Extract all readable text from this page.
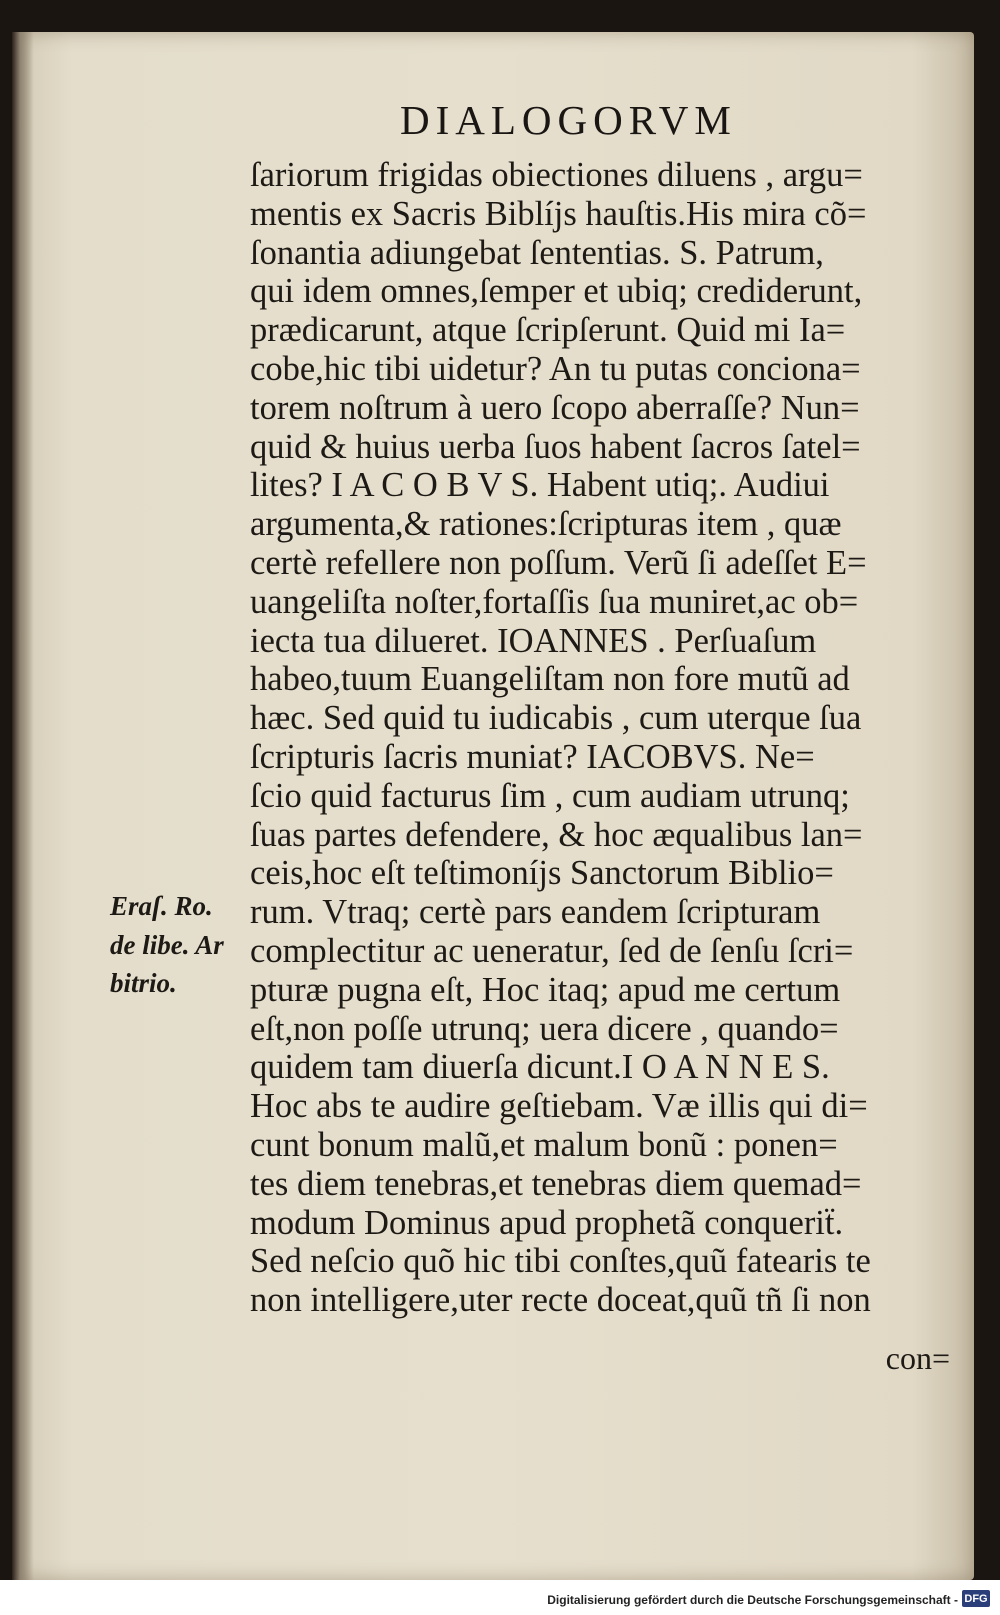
DIALOGORVM
ſariorum frigidas obiectiones diluens , argu=
mentis ex Sacris Biblíjs hauſtis.His mira cõ=
ſonantia adiungebat ſententias. S. Patrum,
qui idem omnes,ſemper et ubiq; crediderunt,
prædicarunt, atque ſcripſerunt. Quid mi Ia=
cobe,hic tibi uidetur? An tu putas conciona=
torem noſtrum à uero ſcopo aberraſſe? Nun=
quid & huius uerba ſuos habent ſacros ſatel=
lites? I A C O B V S. Habent utiq;. Audiui
argumenta,& rationes:ſcripturas item , quæ
certè refellere non poſſum. Verũ ſi adeſſet E=
uangeliſta noſter,fortaſſis ſua muniret,ac ob=
iecta tua dilueret. IOANNES . Perſuaſum
habeo,tuum Euangeliſtam non fore mutũ ad
hæc. Sed quid tu iudicabis , cum uterque ſua
ſcripturis ſacris muniat? IACOBVS. Ne=
ſcio quid facturus ſim , cum audiam utrunq;
ſuas partes defendere, & hoc æqualibus lan=
ceis,hoc eſt teſtimoníjs Sanctorum Biblio=
rum. Vtraq; certè pars eandem ſcripturam
complectitur ac ueneratur, ſed de ſenſu ſcri=
pturæ pugna eſt, Hoc itaq; apud me certum
eſt,non poſſe utrunq; uera dicere , quando=
quidem tam diuerſa dicunt.I O A N N E S.
Hoc abs te audire geſtiebam. Væ illis qui di=
cunt bonum malũ,et malum bonũ : ponen=
tes diem tenebras,et tenebras diem quemad=
modum Dominus apud prophetã conqueriẗ.
Sed neſcio quõ hic tibi conſtes,quũ fatearis te
non intelligere,uter recte doceat,quũ tñ ſi non
con=
Eraſ. Ro.
de libe. Ar
bitrio.
Digitalisierung gefördert durch die Deutsche Forschungsgemeinschaft - DFG
